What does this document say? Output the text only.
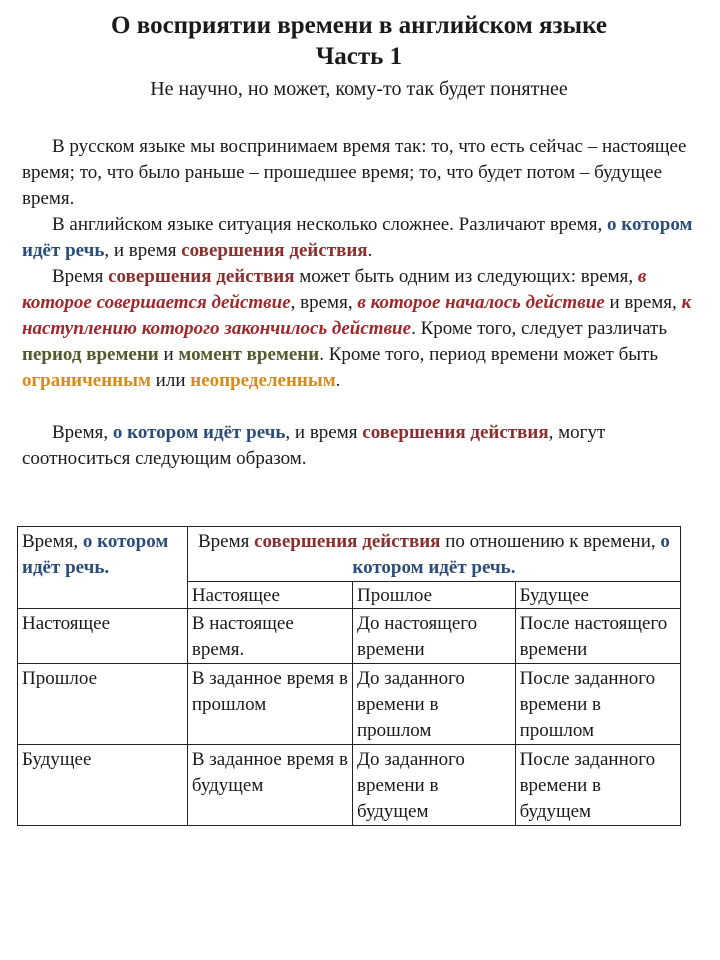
О восприятии времени в английском языке
Часть 1

Не научно, но может, кому-то так будет понятнее

В русском языке мы воспринимаем время так: то, что есть сейчас – настоящее время; то, что было раньше – прошедшее время; то, что будет потом – будущее время.

В английском языке ситуация несколько сложнее. Различают время, о котором идёт речь, и время совершения действия.

Время совершения действия может быть одним из следующих: время, в которое совершается действие, время, в которое началось действие и время, к наступлению которого закончилось действие. Кроме того, следует различать период времени и момент времени. Кроме того, период времени может быть ограниченным или неопределенным.

Время, о котором идёт речь, и время совершения действия, могут соотноситься следующим образом.

Время, о котором идёт речь.	Время совершения действия по отношению к времени, о котором идёт речь.		
	Настоящее	Прошлое	Будущее
Настоящее	В настоящее время.	До настоящего времени	После настоящего времени
Прошлое	В заданное время в прошлом	До заданного времени в прошлом	После заданного времени в прошлом
Будущее	В заданное время в будущем	До заданного времени в будущем	После заданного времени в будущем
